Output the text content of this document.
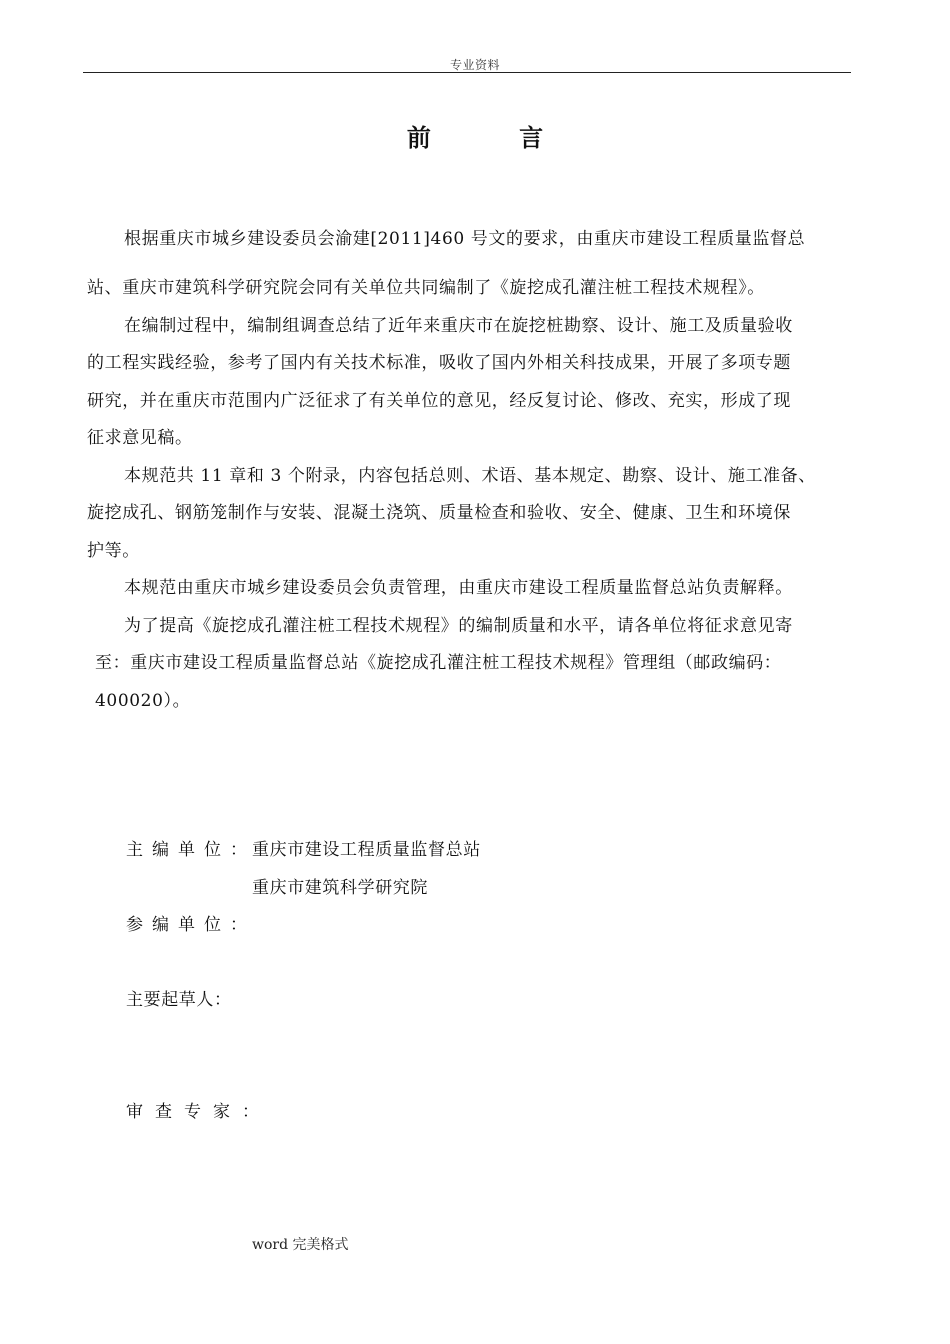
专业资料
前 言
根据重庆市城乡建设委员会渝建[2011]460 号文的要求，由重庆市建设工程质量监督总
站、重庆市建筑科学研究院会同有关单位共同编制了《旋挖成孔灌注桩工程技术规程》。
在编制过程中，编制组调查总结了近年来重庆市在旋挖桩勘察、设计、施工及质量验收
的工程实践经验，参考了国内有关技术标准，吸收了国内外相关科技成果，开展了多项专题
研究，并在重庆市范围内广泛征求了有关单位的意见，经反复讨论、修改、充实，形成了现
征求意见稿。
本规范共 11 章和 3 个附录，内容包括总则、术语、基本规定、勘察、设计、施工准备、
旋挖成孔、钢筋笼制作与安装、混凝土浇筑、质量检查和验收、安全、健康、卫生和环境保
护等。
本规范由重庆市城乡建设委员会负责管理，由重庆市建设工程质量监督总站负责解释。
为了提高《旋挖成孔灌注桩工程技术规程》的编制质量和水平，请各单位将征求意见寄
至：重庆市建设工程质量监督总站《旋挖成孔灌注桩工程技术规程》管理组（邮政编码：
400020）。
主编单位：
重庆市建设工程质量监督总站
重庆市建筑科学研究院
参编单位：
主要起草人：
审查专家：
word 完美格式
